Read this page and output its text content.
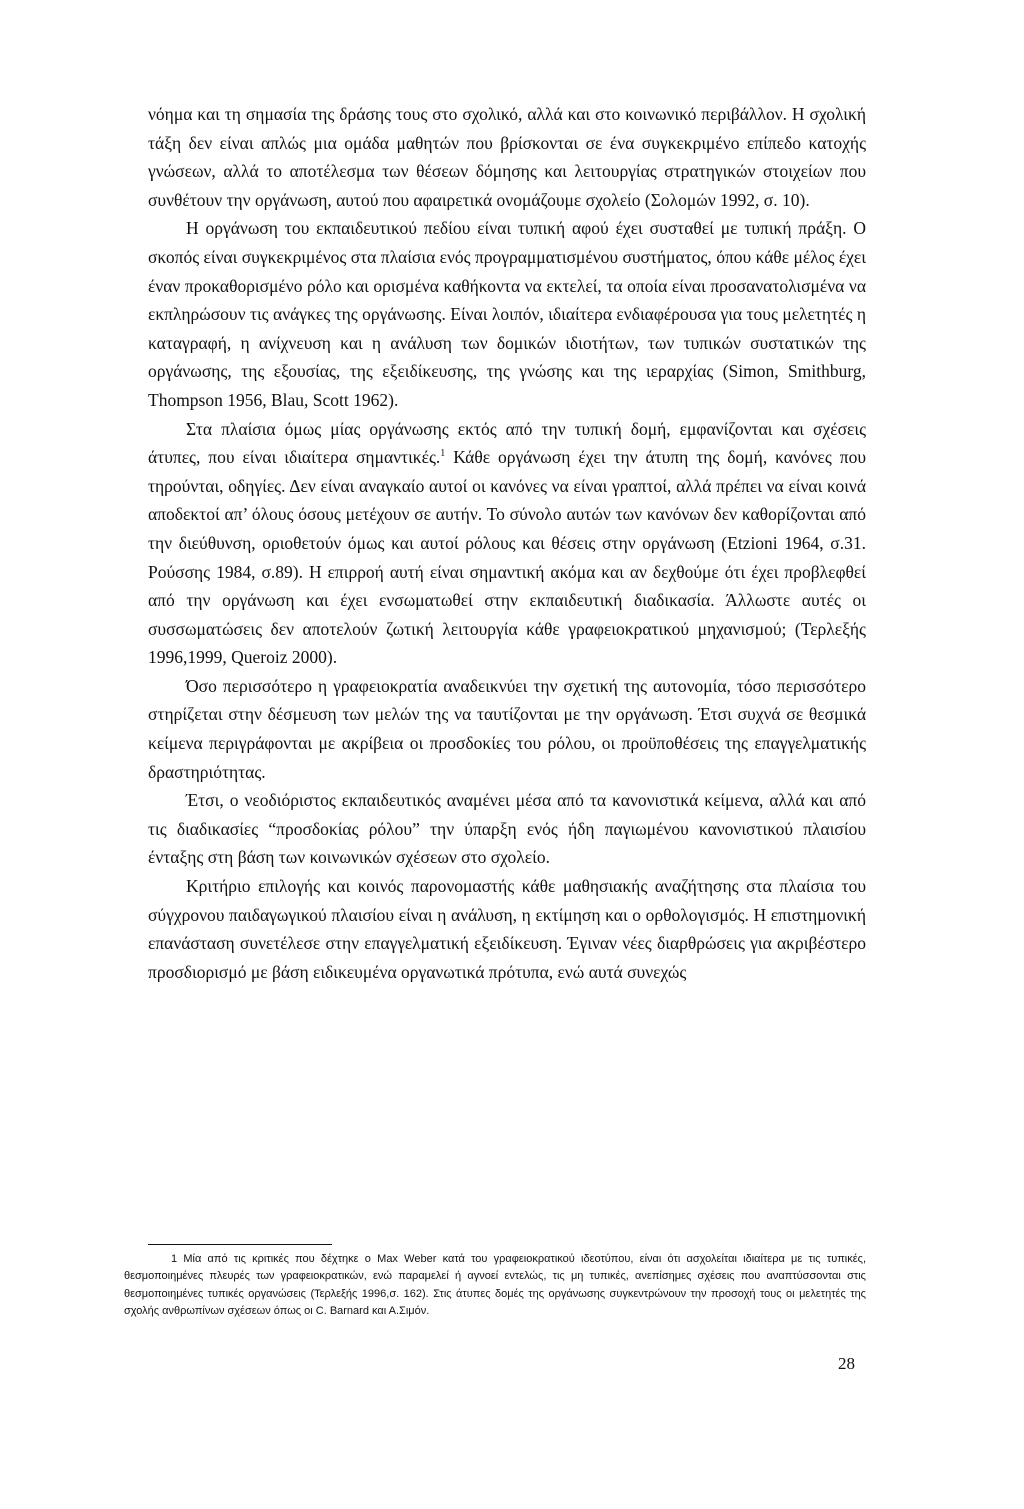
νόημα και τη σημασία της δράσης τους στο σχολικό, αλλά και στο κοινωνικό περιβάλλον. Η σχολική τάξη δεν είναι απλώς μια ομάδα μαθητών που βρίσκονται σε ένα συγκεκριμένο επίπεδο κατοχής γνώσεων, αλλά το αποτέλεσμα των θέσεων δόμησης και λειτουργίας στρατηγικών στοιχείων που συνθέτουν την οργάνωση, αυτού που αφαιρετικά ονομάζουμε σχολείο (Σολομών 1992, σ. 10).

Η οργάνωση του εκπαιδευτικού πεδίου είναι τυπική αφού έχει συσταθεί με τυπική πράξη. Ο σκοπός είναι συγκεκριμένος στα πλαίσια ενός προγραμματισμένου συστήματος, όπου κάθε μέλος έχει έναν προκαθορισμένο ρόλο και ορισμένα καθήκοντα να εκτελεί, τα οποία είναι προσανατολισμένα να εκπληρώσουν τις ανάγκες της οργάνωσης. Είναι λοιπόν, ιδιαίτερα ενδιαφέρουσα για τους μελετητές η καταγραφή, η ανίχνευση και η ανάλυση των δομικών ιδιοτήτων, των τυπικών συστατικών της οργάνωσης, της εξουσίας, της εξειδίκευσης, της γνώσης και της ιεραρχίας (Simon, Smithburg, Thompson 1956, Blau, Scott 1962).

Στα πλαίσια όμως μίας οργάνωσης εκτός από την τυπική δομή, εμφανίζονται και σχέσεις άτυπες, που είναι ιδιαίτερα σημαντικές.$^1$ Κάθε οργάνωση έχει την άτυπη της δομή, κανόνες που τηρούνται, οδηγίες. Δεν είναι αναγκαίο αυτοί οι κανόνες να είναι γραπτοί, αλλά πρέπει να είναι κοινά αποδεκτοί απ’ όλους όσους μετέχουν σε αυτήν. Το σύνολο αυτών των κανόνων δεν καθορίζονται από την διεύθυνση, οριοθετούν όμως και αυτοί ρόλους και θέσεις στην οργάνωση (Etzioni 1964, σ.31. Ρούσσης 1984, σ.89). Η επιρροή αυτή είναι σημαντική ακόμα και αν δεχθούμε ότι έχει προβλεφθεί από την οργάνωση και έχει ενσωματωθεί στην εκπαιδευτική διαδικασία. Άλλωστε αυτές οι συσσωματώσεις δεν αποτελούν ζωτική λειτουργία κάθε γραφειοκρατικού μηχανισμού; (Τερλεξής 1996,1999, Queroiz 2000).

Όσο περισσότερο η γραφειοκρατία αναδεικνύει την σχετική της αυτονομία, τόσο περισσότερο στηρίζεται στην δέσμευση των μελών της να ταυτίζονται με την οργάνωση. Έτσι συχνά σε θεσμικά κείμενα περιγράφονται με ακρίβεια οι προσδοκίες του ρόλου, οι προϋποθέσεις της επαγγελματικής δραστηριότητας.

Έτσι, ο νεοδιόριστος εκπαιδευτικός αναμένει μέσα από τα κανονιστικά κείμενα, αλλά και από τις διαδικασίες “προσδοκίας ρόλου” την ύπαρξη ενός ήδη παγιωμένου κανονιστικού πλαισίου ένταξης στη βάση των κοινωνικών σχέσεων στο σχολείο.

Κριτήριο επιλογής και κοινός παρονομαστής κάθε μαθησιακής αναζήτησης στα πλαίσια του σύγχρονου παιδαγωγικού πλαισίου είναι η ανάλυση, η εκτίμηση και ο ορθολογισμός. Η επιστημονική επανάσταση συνετέλεσε στην επαγγελματική εξειδίκευση. Έγιναν νέες διαρθρώσεις για ακριβέστερο προσδιορισμό με βάση ειδικευμένα οργανωτικά πρότυπα, ενώ αυτά συνεχώς

1 Μία από τις κριτικές που δέχτηκε ο Max Weber κατά του γραφειοκρατικού ιδεοτύπου, είναι ότι ασχολείται ιδιαίτερα με τις τυπικές, θεσμοποιημένες πλευρές των γραφειοκρατικών, ενώ παραμελεί ή αγνοεί εντελώς, τις μη τυπικές, ανεπίσημες σχέσεις που αναπτύσσονται στις θεσμοποιημένες τυπικές οργανώσεις (Τερλεξής 1996,σ. 162). Στις άτυπες δομές της οργάνωσης συγκεντρώνουν την προσοχή τους οι μελετητές της σχολής ανθρωπίνων σχέσεων όπως οι C. Barnard και Α.Σιμόν.

28
